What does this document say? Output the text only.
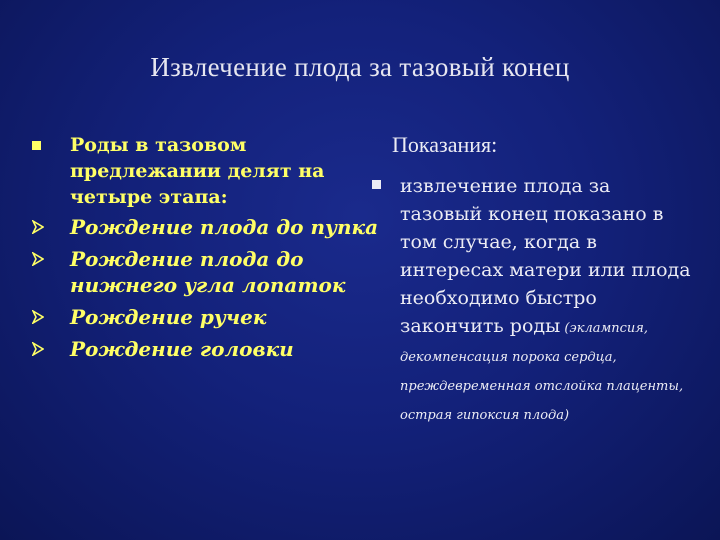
Извлечение плода за тазовый конец
Роды в тазовом предлежании делят на четыре этапа:
Рождение плода до пупка
Рождение плода до нижнего угла лопаток
Рождение ручек
Рождение головки
Показания:
извлечение плода за тазовый конец показано в том случае, когда в интересах матери или плода необходимо быстро закончить роды (эклампсия, декомпенсация порока сердца, преждевременная отслойка плаценты, острая гипоксия плода)
